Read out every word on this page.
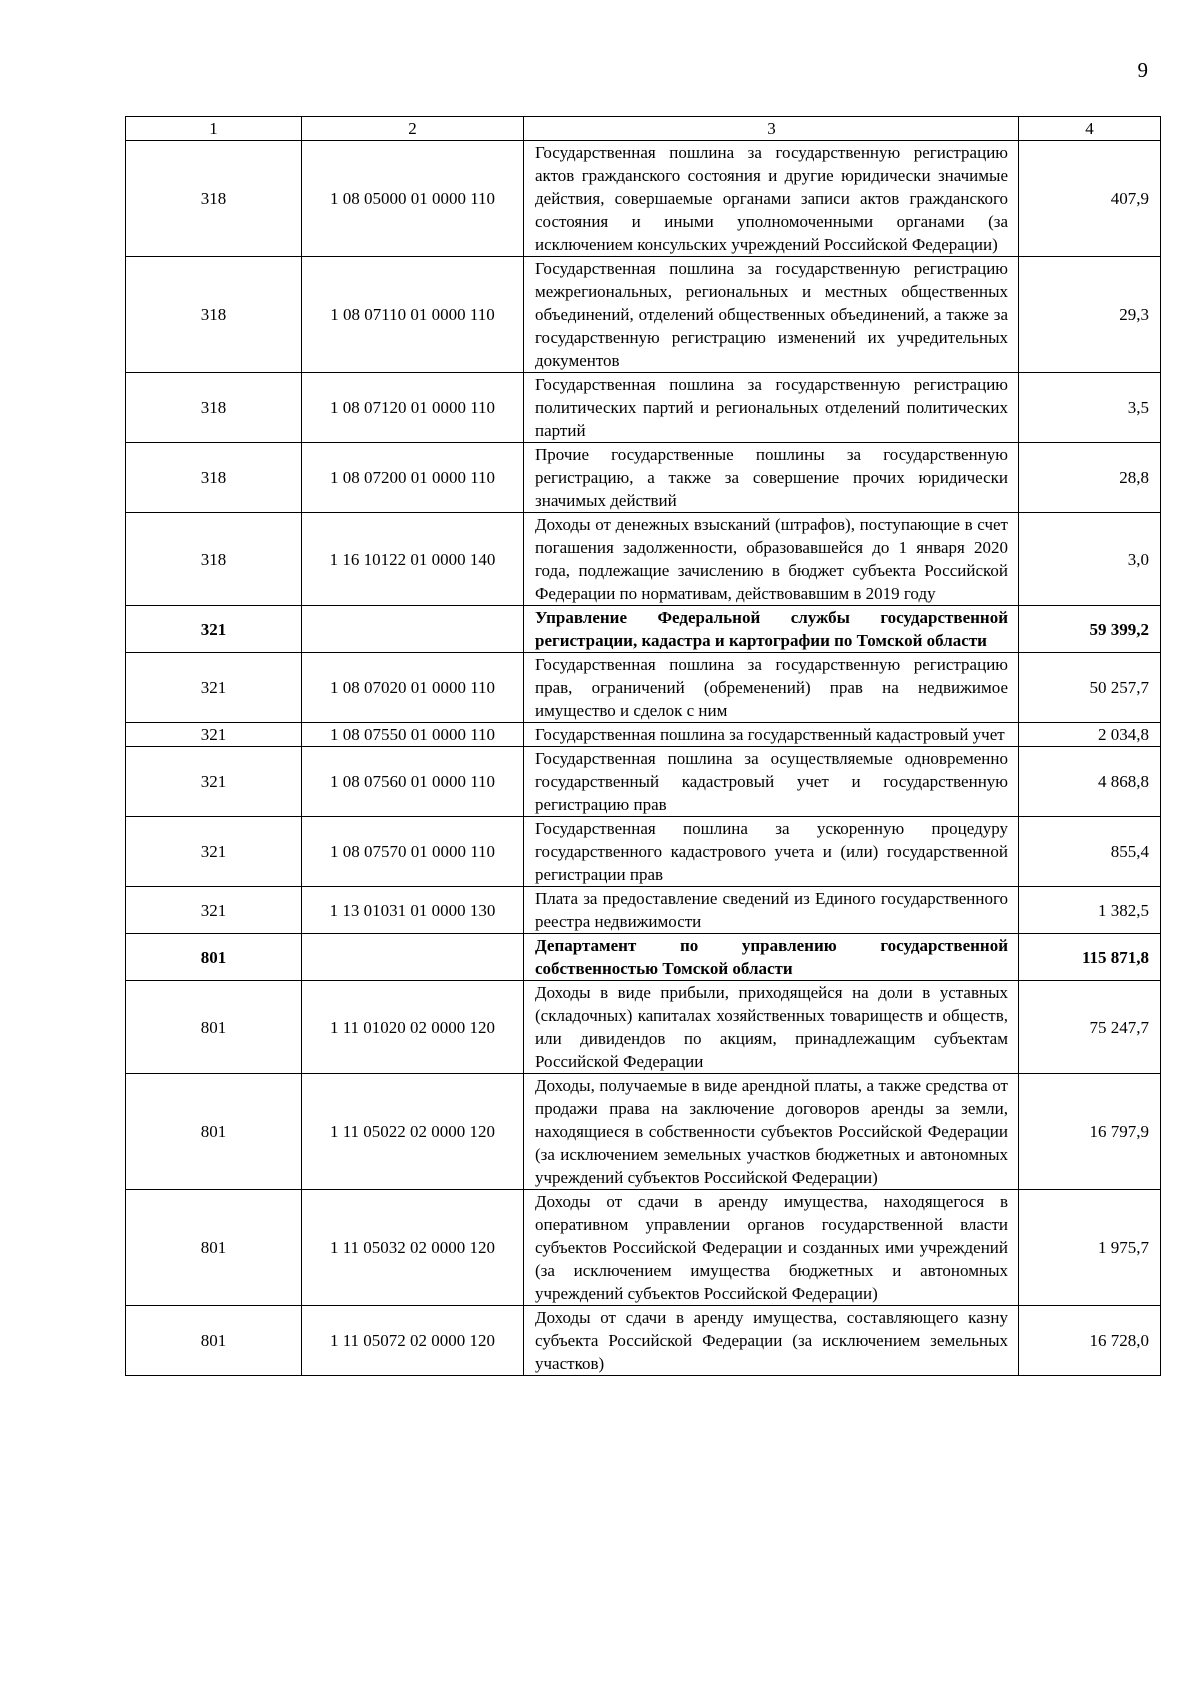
9
1	2	3	4
318	1 08 05000 01 0000 110	Государственная пошлина за государственную регистрацию актов гражданского состояния и другие юридически значимые действия, совершаемые органами записи актов гражданского состояния и иными уполномоченными органами (за исключением консульских учреждений Российской Федерации)	407,9
318	1 08 07110 01 0000 110	Государственная пошлина за государственную регистрацию межрегиональных, региональных и местных общественных объединений, отделений общественных объединений, а также за государственную регистрацию изменений их учредительных документов	29,3
318	1 08 07120 01 0000 110	Государственная пошлина за государственную регистрацию политических партий и региональных отделений политических партий	3,5
318	1 08 07200 01 0000 110	Прочие государственные пошлины за государственную регистрацию, а также за совершение прочих юридически значимых действий	28,8
318	1 16 10122 01 0000 140	Доходы от денежных взысканий (штрафов), поступающие в счет погашения задолженности, образовавшейся до 1 января 2020 года, подлежащие зачислению в бюджет субъекта Российской Федерации по нормативам, действовавшим в 2019 году	3,0
321		Управление Федеральной службы государственной регистрации, кадастра и картографии по Томской области	59 399,2
321	1 08 07020 01 0000 110	Государственная пошлина за государственную регистрацию прав, ограничений (обременений) прав на недвижимое имущество и сделок с ним	50 257,7
321	1 08 07550 01 0000 110	Государственная пошлина за государственный кадастровый учет	2 034,8
321	1 08 07560 01 0000 110	Государственная пошлина за осуществляемые одновременно государственный кадастровый учет и государственную регистрацию прав	4 868,8
321	1 08 07570 01 0000 110	Государственная пошлина за ускоренную процедуру государственного кадастрового учета и (или) государственной регистрации прав	855,4
321	1 13 01031 01 0000 130	Плата за предоставление сведений из Единого государственного реестра недвижимости	1 382,5
801		Департамент по управлению государственной собственностью Томской области	115 871,8
801	1 11 01020 02 0000 120	Доходы в виде прибыли, приходящейся на доли в уставных (складочных) капиталах хозяйственных товариществ и обществ, или дивидендов по акциям, принадлежащим субъектам Российской Федерации	75 247,7
801	1 11 05022 02 0000 120	Доходы, получаемые в виде арендной платы, а также средства от продажи права на заключение договоров аренды за земли, находящиеся в собственности субъектов Российской Федерации (за исключением земельных участков бюджетных и автономных учреждений субъектов Российской Федерации)	16 797,9
801	1 11 05032 02 0000 120	Доходы от сдачи в аренду имущества, находящегося в оперативном управлении органов государственной власти субъектов Российской Федерации и созданных ими учреждений (за исключением имущества бюджетных и автономных учреждений субъектов Российской Федерации)	1 975,7
801	1 11 05072 02 0000 120	Доходы от сдачи в аренду имущества, составляющего казну субъекта Российской Федерации (за исключением земельных участков)	16 728,0
